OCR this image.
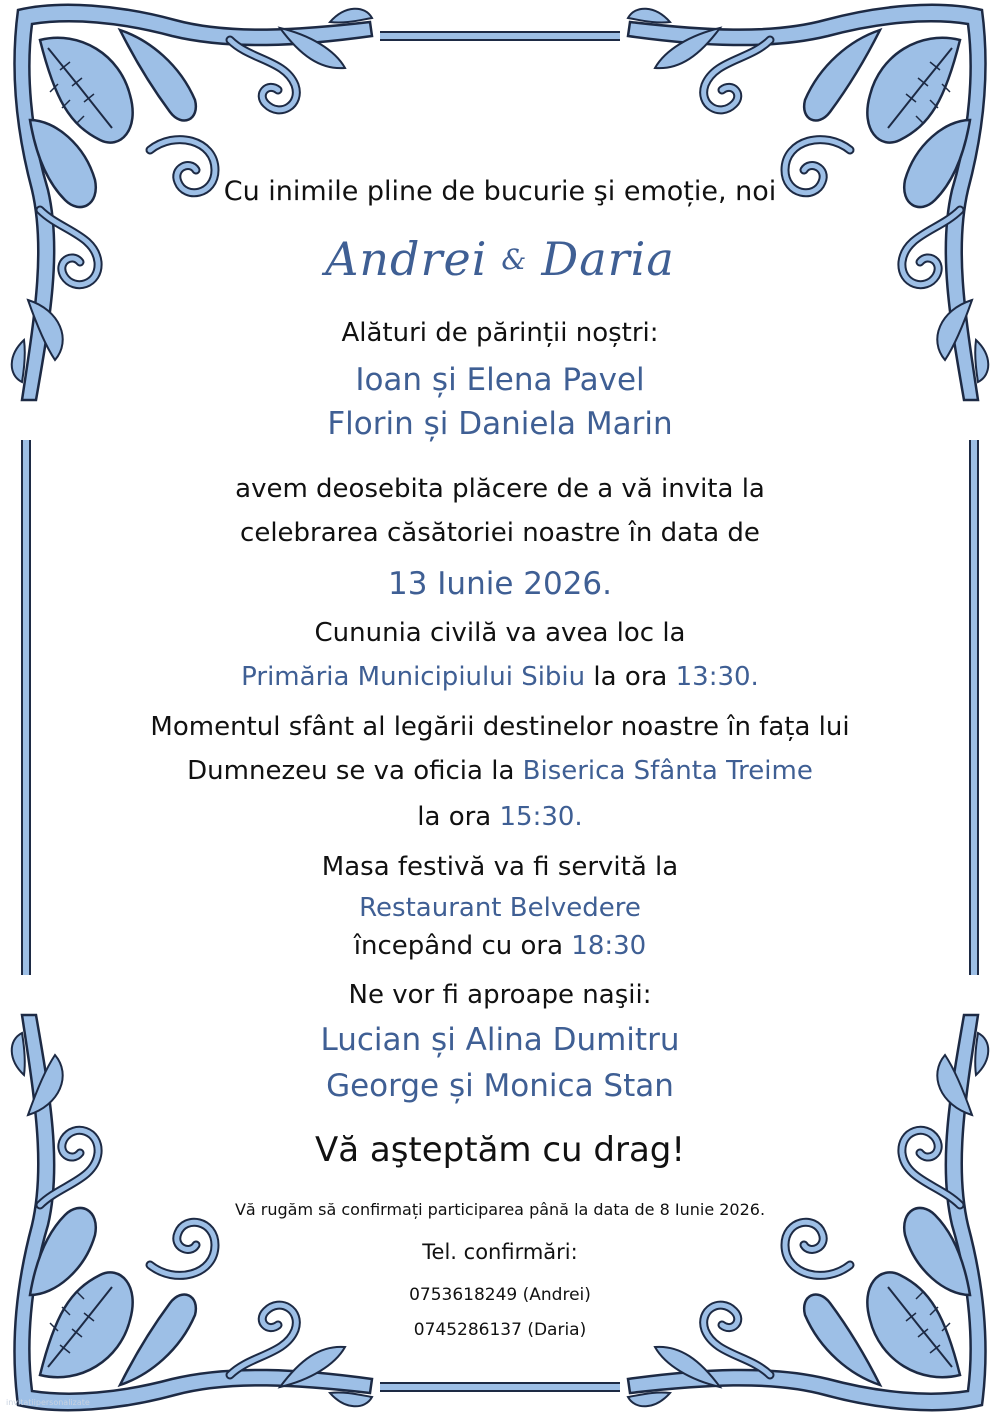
Cu inimile pline de bucurie şi emoție, noi
Andrei & Daria
Alături de părinții noștri:
Ioan și Elena Pavel
Florin și Daniela Marin
avem deosebita plăcere de a vă invita la
celebrarea căsătoriei noastre în data de
13 Iunie 2026.
Cununia civilă va avea loc la
Primăria Municipiului Sibiu la ora 13:30.
Momentul sfânt al legării destinelor noastre în fața lui
Dumnezeu se va oficia la Biserica Sfânta Treime
la ora 15:30.
Masa festivă va fi servită la
Restaurant Belvedere
începând cu ora 18:30
Ne vor fi aproape naşii:
Lucian și Alina Dumitru
George și Monica Stan
Vă aşteptăm cu drag!
Vă rugăm să confirmați participarea până la data de 8 Iunie 2026.
Tel. confirmări:
0753618249 (Andrei)
0745286137 (Daria)
invitatiipersonalizate
